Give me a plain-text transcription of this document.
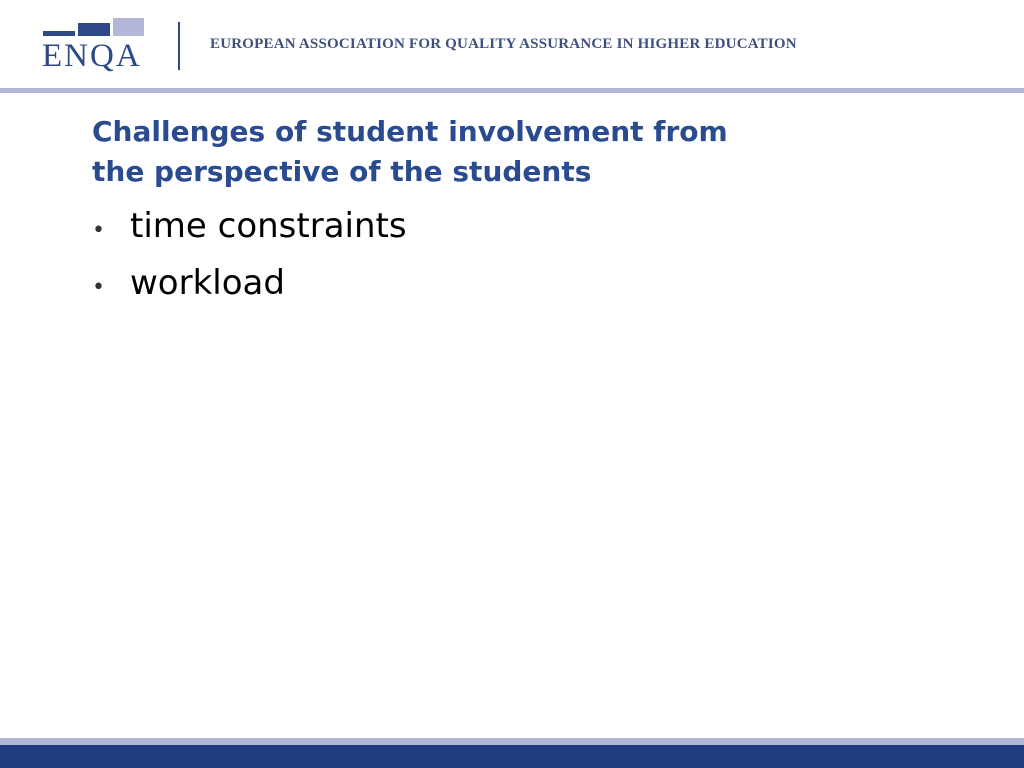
ENQA	EUROPEAN ASSOCIATION FOR QUALITY ASSURANCE IN HIGHER EDUCATION
Challenges of student involvement from
the perspective of the students
• time constraints
• workload
